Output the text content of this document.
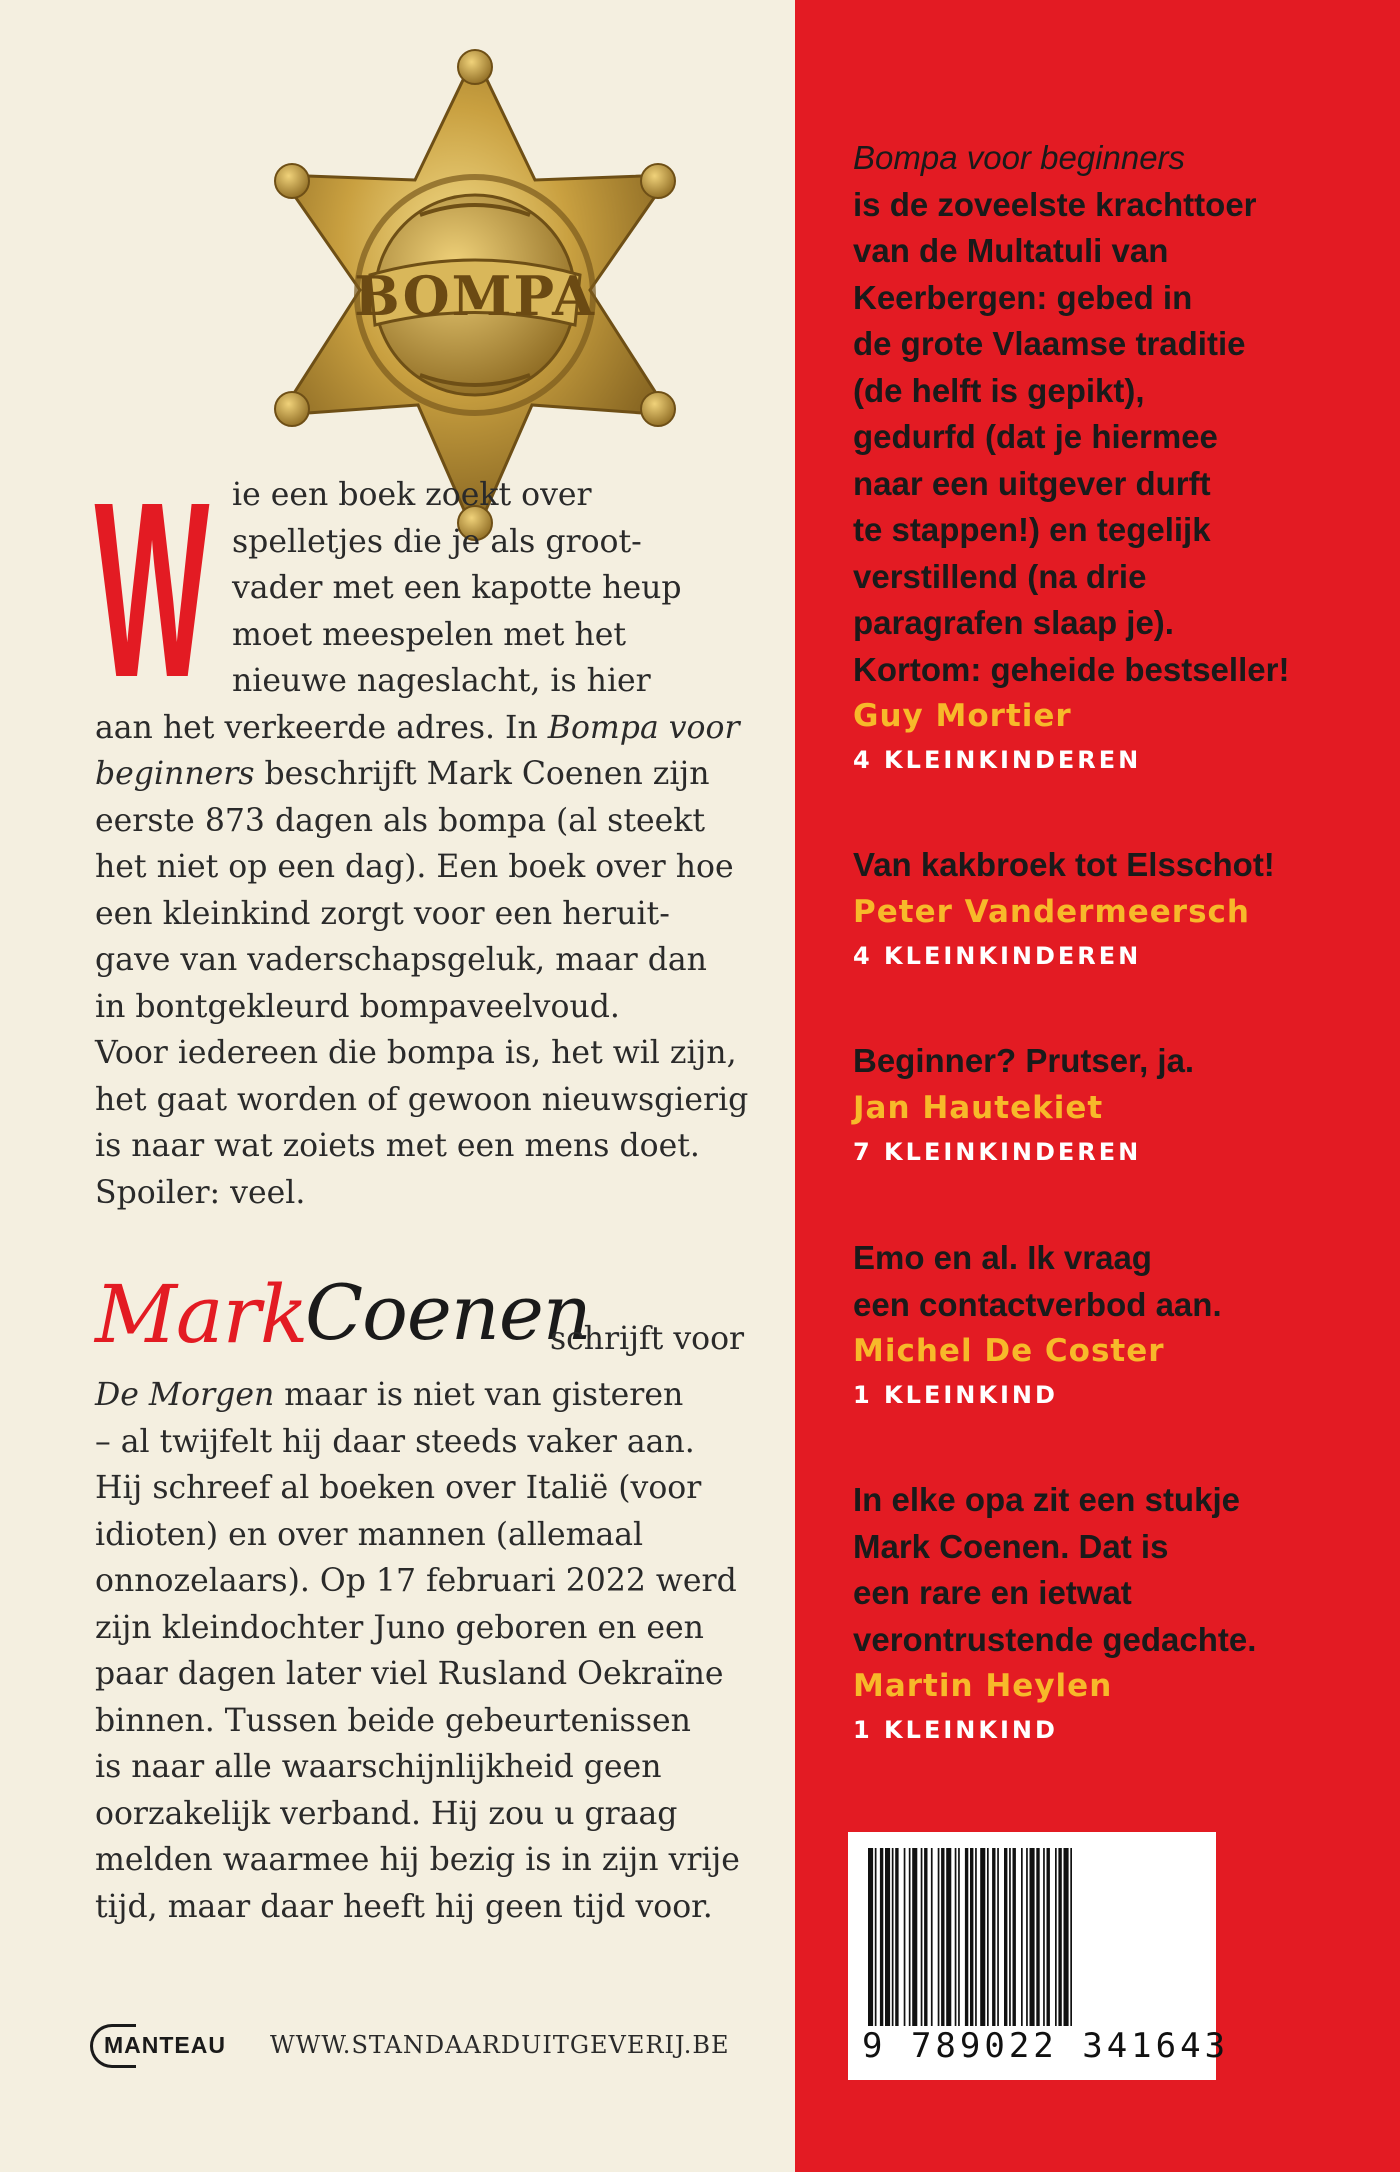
BOMPA
W ie een boek zoekt over
spelletjes die je als groot-
vader met een kapotte heup
moet meespelen met het
nieuwe nageslacht, is hier
aan het verkeerde adres. In Bompa voor
beginners beschrijft Mark Coenen zijn
eerste 873 dagen als bompa (al steekt
het niet op een dag). Een boek over hoe
een kleinkind zorgt voor een heruit-
gave van vaderschapsgeluk, maar dan
in bontgekleurd bompaveelvoud.
Voor iedereen die bompa is, het wil zijn,
het gaat worden of gewoon nieuwsgierig
is naar wat zoiets met een mens doet.
Spoiler: veel.
Mark
Coenen
schrijft voor
De Morgen maar is niet van gisteren
– al twijfelt hij daar steeds vaker aan.
Hij schreef al boeken over Italië (voor
idioten) en over mannen (allemaal
onnozelaars). Op 17 februari 2022 werd
zijn kleindochter Juno geboren en een
paar dagen later viel Rusland Oekraïne
binnen. Tussen beide gebeurtenissen
is naar alle waarschijnlijkheid geen
oorzakelijk verband. Hij zou u graag
melden waarmee hij bezig is in zijn vrije
tijd, maar daar heeft hij geen tijd voor.
MANTEAU WWW.STANDAARDUITGEVERIJ.BE
Bompa voor beginners
is de zoveelste krachttoer
van de Multatuli van
Keerbergen: gebed in
de grote Vlaamse traditie
(de helft is gepikt),
gedurfd (dat je hiermee
naar een uitgever durft
te stappen!) en tegelijk
verstillend (na drie
paragrafen slaap je).
Kortom: geheide bestseller!
Guy Mortier
4 KLEINKINDEREN
Van kakbroek tot Elsschot!
Peter Vandermeersch
4 KLEINKINDEREN
Beginner? Prutser, ja.
Jan Hautekiet
7 KLEINKINDEREN
Emo en al. Ik vraag
een contactverbod aan.
Michel De Coster
1 KLEINKIND
In elke opa zit een stukje
Mark Coenen. Dat is
een rare en ietwat
verontrustende gedachte.
Martin Heylen
1 KLEINKIND
9 789022 341643
